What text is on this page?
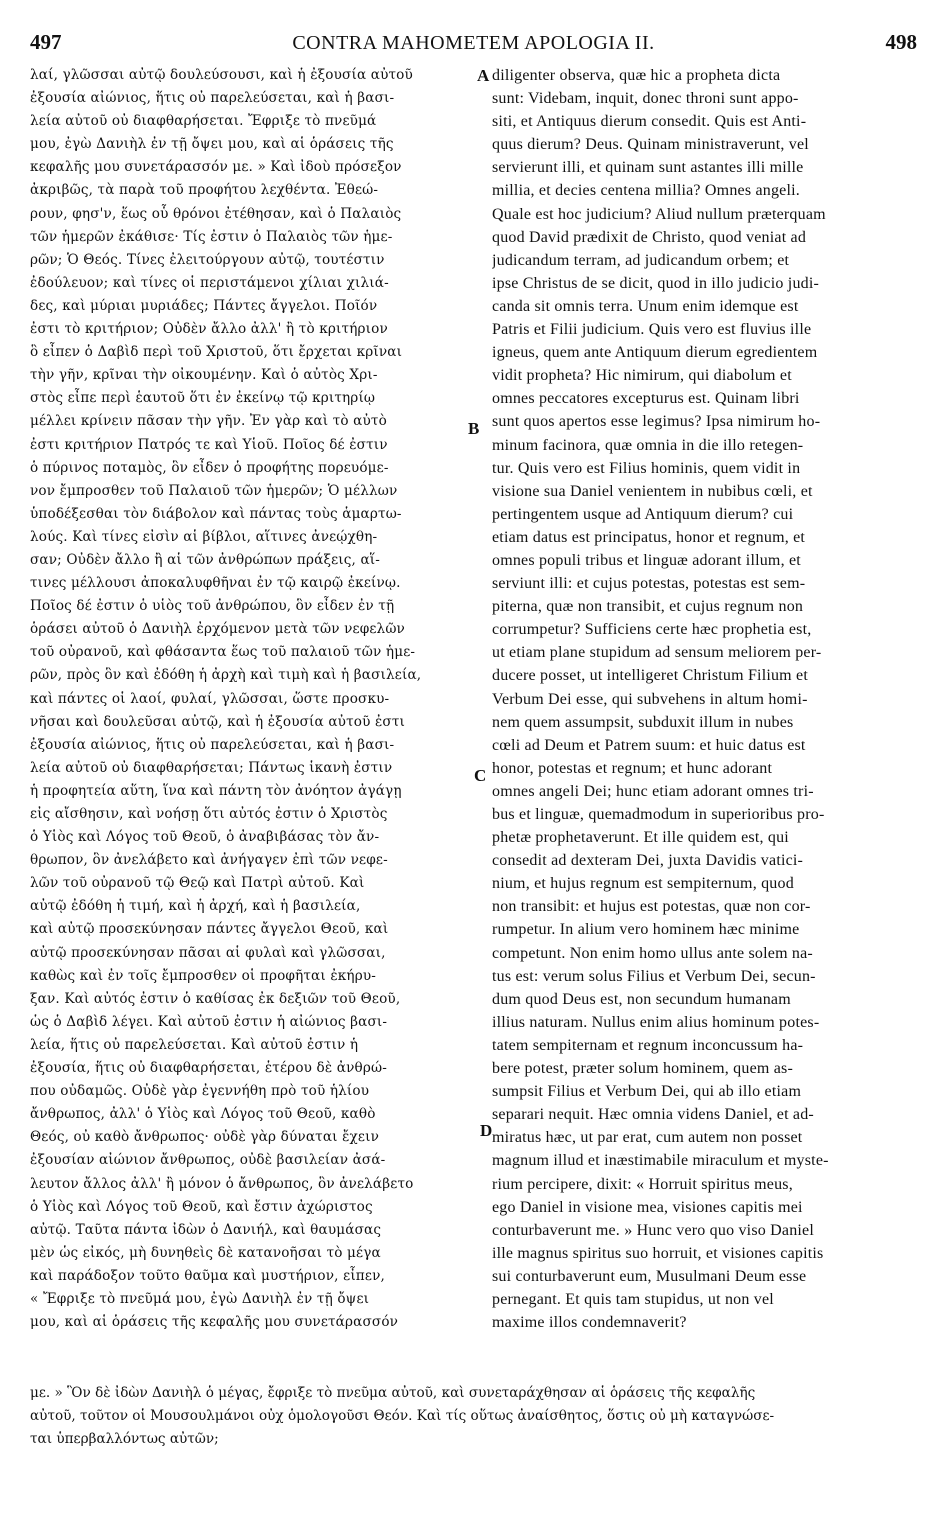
497	CONTRA MAHOMETEM APOLOGIA II.	498
λαί, γλῶσσαι αὐτῷ δουλεύσουσι, καὶ ἡ ἐξουσία αὐτοῦ
ἐξουσία αἰώνιος, ἥτις οὐ παρελεύσεται, καὶ ἡ βασι-
λεία αὐτοῦ οὐ διαφθαρήσεται. Ἔφριξε τὸ πνεῦμά
μου, ἐγὼ Δανιὴλ ἐν τῇ ὄψει μου, καὶ αἱ ὁράσεις τῆς
κεφαλῆς μου συνετάρασσόν με. » Καὶ ἰδοὺ πρόσεξον
ἀκριβῶς, τὰ παρὰ τοῦ προφήτου λεχθέντα. Ἐθεώ-
ρουν, φησ'ν, ἕως οὗ θρόνοι ἐτέθησαν, καὶ ὁ Παλαιὸς
τῶν ἡμερῶν ἐκάθισε· Τίς ἐστιν ὁ Παλαιὸς τῶν ἡμε-
ρῶν; Ὁ Θεός. Τίνες ἐλειτούργουν αὐτῷ, τουτέστιν
ἐδούλευον; καὶ τίνες οἱ περιστάμενοι χίλιαι χιλιά-
δες, καὶ μύριαι μυριάδες; Πάντες ἄγγελοι. Ποῖόν
ἐστι τὸ κριτήριον; Οὐδὲν ἄλλο ἀλλ' ἢ τὸ κριτήριον
ὃ εἶπεν ὁ Δαβὶδ περὶ τοῦ Χριστοῦ, ὅτι ἔρχεται κρῖναι
τὴν γῆν, κρῖναι τὴν οἰκουμένην. Καὶ ὁ αὐτὸς Χρι-
στὸς εἶπε περὶ ἑαυτοῦ ὅτι ἐν ἐκείνῳ τῷ κριτηρίῳ
μέλλει κρίνειν πᾶσαν τὴν γῆν. Ἐν γὰρ καὶ τὸ αὐτὸ
ἐστι κριτήριον Πατρός τε καὶ Υἱοῦ. Ποῖος δέ ἐστιν
ὁ πύρινος ποταμὸς, ὃν εἶδεν ὁ προφήτης πορευόμε-
νον ἔμπροσθεν τοῦ Παλαιοῦ τῶν ἡμερῶν; Ὁ μέλλων
ὑποδέξεσθαι τὸν διάβολον καὶ πάντας τοὺς ἁμαρτω-
λούς. Καὶ τίνες εἰσὶν αἱ βίβλοι, αἵτινες ἀνεῴχθη-
σαν; Οὐδὲν ἄλλο ἢ αἱ τῶν ἀνθρώπων πράξεις, αἵ-
τινες μέλλουσι ἀποκαλυφθῆναι ἐν τῷ καιρῷ ἐκείνῳ.
Ποῖος δέ ἐστιν ὁ υἱὸς τοῦ ἀνθρώπου, ὃν εἶδεν ἐν τῇ
ὁράσει αὐτοῦ ὁ Δανιὴλ ἐρχόμενον μετὰ τῶν νεφελῶν
τοῦ οὐρανοῦ, καὶ φθάσαντα ἕως τοῦ παλαιοῦ τῶν ἡμε-
ρῶν, πρὸς ὃν καὶ ἐδόθη ἡ ἀρχὴ καὶ τιμὴ καὶ ἡ βασιλεία,
καὶ πάντες οἱ λαοί, φυλαί, γλῶσσαι, ὥστε προσκυ-
νῆσαι καὶ δουλεῦσαι αὐτῷ, καὶ ἡ ἐξουσία αὐτοῦ ἐστι
ἐξουσία αἰώνιος, ἥτις οὐ παρελεύσεται, καὶ ἡ βασι-
λεία αὐτοῦ οὐ διαφθαρήσεται; Πάντως ἱκανὴ ἐστιν
ἡ προφητεία αὕτη, ἵνα καὶ πάντη τὸν ἀνόητον ἀγάγῃ
εἰς αἴσθησιν, καὶ νοήσῃ ὅτι αὐτός ἐστιν ὁ Χριστὸς
ὁ Υἱὸς καὶ Λόγος τοῦ Θεοῦ, ὁ ἀναβιβάσας τὸν ἄν-
θρωπον, ὃν ἀνελάβετο καὶ ἀνήγαγεν ἐπὶ τῶν νεφε-
λῶν τοῦ οὐρανοῦ τῷ Θεῷ καὶ Πατρὶ αὐτοῦ. Καὶ
αὐτῷ ἐδόθη ἡ τιμή, καὶ ἡ ἀρχή, καὶ ἡ βασιλεία,
καὶ αὐτῷ προσεκύνησαν πάντες ἄγγελοι Θεοῦ, καὶ
αὐτῷ προσεκύνησαν πᾶσαι αἱ φυλαὶ καὶ γλῶσσαι,
καθὼς καὶ ἐν τοῖς ἔμπροσθεν οἱ προφῆται ἐκήρυ-
ξαν. Καὶ αὐτός ἐστιν ὁ καθίσας ἐκ δεξιῶν τοῦ Θεοῦ,
ὡς ὁ Δαβὶδ λέγει. Καὶ αὐτοῦ ἐστιν ἡ αἰώνιος βασι-
λεία, ἥτις οὐ παρελεύσεται. Καὶ αὐτοῦ ἐστιν ἡ
ἐξουσία, ἥτις οὐ διαφθαρήσεται, ἑτέρου δὲ ἀνθρώ-
που οὐδαμῶς. Οὐδὲ γὰρ ἐγεννήθη πρὸ τοῦ ἡλίου
ἄνθρωπος, ἀλλ' ὁ Υἱὸς καὶ Λόγος τοῦ Θεοῦ, καθὸ
Θεός, οὐ καθὸ ἄνθρωπος· οὐδὲ γὰρ δύναται ἔχειν
ἐξουσίαν αἰώνιον ἄνθρωπος, οὐδὲ βασιλείαν ἀσά-
λευτον ἄλλος ἀλλ' ἢ μόνον ὁ ἄνθρωπος, ὃν ἀνελάβετο
ὁ Υἱὸς καὶ Λόγος τοῦ Θεοῦ, καὶ ἔστιν ἀχώριστος
αὐτῷ. Ταῦτα πάντα ἰδὼν ὁ Δανιήλ, καὶ θαυμάσας
μὲν ὡς εἰκός, μὴ δυνηθεὶς δὲ κατανοῆσαι τὸ μέγα
καὶ παράδοξον τοῦτο θαῦμα καὶ μυστήριον, εἶπεν,
« Ἔφριξε τὸ πνεῦμά μου, ἐγὼ Δανιὴλ ἐν τῇ ὄψει
μου, καὶ αἱ ὁράσεις τῆς κεφαλῆς μου συνετάρασσόν
A
B
C
D
diligenter observa, quæ hic a propheta dicta
sunt: Videbam, inquit, donec throni sunt appo-
siti, et Antiquus dierum consedit. Quis est Anti-
quus dierum? Deus. Quinam ministraverunt, vel
servierunt illi, et quinam sunt astantes illi mille
millia, et decies centena millia? Omnes angeli.
Quale est hoc judicium? Aliud nullum præterquam
quod David prædixit de Christo, quod veniat ad
judicandum terram, ad judicandum orbem; et
ipse Christus de se dicit, quod in illo judicio judi-
canda sit omnis terra. Unum enim idemque est
Patris et Filii judicium. Quis vero est fluvius ille
igneus, quem ante Antiquum dierum egredientem
vidit propheta? Hic nimirum, qui diabolum et
omnes peccatores excepturus est. Quinam libri
sunt quos apertos esse legimus? Ipsa nimirum ho-
minum facinora, quæ omnia in die illo retegen-
tur. Quis vero est Filius hominis, quem vidit in
visione sua Daniel venientem in nubibus cœli, et
pertingentem usque ad Antiquum dierum? cui
etiam datus est principatus, honor et regnum, et
omnes populi tribus et linguæ adorant illum, et
serviunt illi: et cujus potestas, potestas est sem-
piterna, quæ non transibit, et cujus regnum non
corrumpetur? Sufficiens certe hæc prophetia est,
ut etiam plane stupidum ad sensum meliorem per-
ducere posset, ut intelligeret Christum Filium et
Verbum Dei esse, qui subvehens in altum homi-
nem quem assumpsit, subduxit illum in nubes
cœli ad Deum et Patrem suum: et huic datus est
honor, potestas et regnum; et hunc adorant
omnes angeli Dei; hunc etiam adorant omnes tri-
bus et linguæ, quemadmodum in superioribus pro-
phetæ prophetaverunt. Et ille quidem est, qui
consedit ad dexteram Dei, juxta Davidis vatici-
nium, et hujus regnum est sempiternum, quod
non transibit: et hujus est potestas, quæ non cor-
rumpetur. In alium vero hominem hæc minime
competunt. Non enim homo ullus ante solem na-
tus est: verum solus Filius et Verbum Dei, secun-
dum quod Deus est, non secundum humanam
illius naturam. Nullus enim alius hominum potes-
tatem sempiternam et regnum inconcussum ha-
bere potest, præter solum hominem, quem as-
sumpsit Filius et Verbum Dei, qui ab illo etiam
separari nequit. Hæc omnia videns Daniel, et ad-
miratus hæc, ut par erat, cum autem non posset
magnum illud et inæstimabile miraculum et myste-
rium percipere, dixit: « Horruit spiritus meus,
ego Daniel in visione mea, visiones capitis mei
conturbaverunt me. » Hunc vero quo viso Daniel
ille magnus spiritus suo horruit, et visiones capitis
sui conturbaverunt eum, Musulmani Deum esse
pernegant. Et quis tam stupidus, ut non vel
maxime illos condemnaverit?
με. » Ὃν δὲ ἰδὼν Δανιὴλ ὁ μέγας, ἔφριξε τὸ πνεῦμα αὐτοῦ, καὶ συνεταράχθησαν αἱ ὁράσεις τῆς κεφαλῆς
αὐτοῦ, τοῦτον οἱ Μουσουλμάνοι οὐχ ὁμολογοῦσι Θεόν. Καὶ τίς οὕτως ἀναίσθητος, ὅστις οὐ μὴ καταγνώσε-
ται ὑπερβαλλόντως αὐτῶν;
